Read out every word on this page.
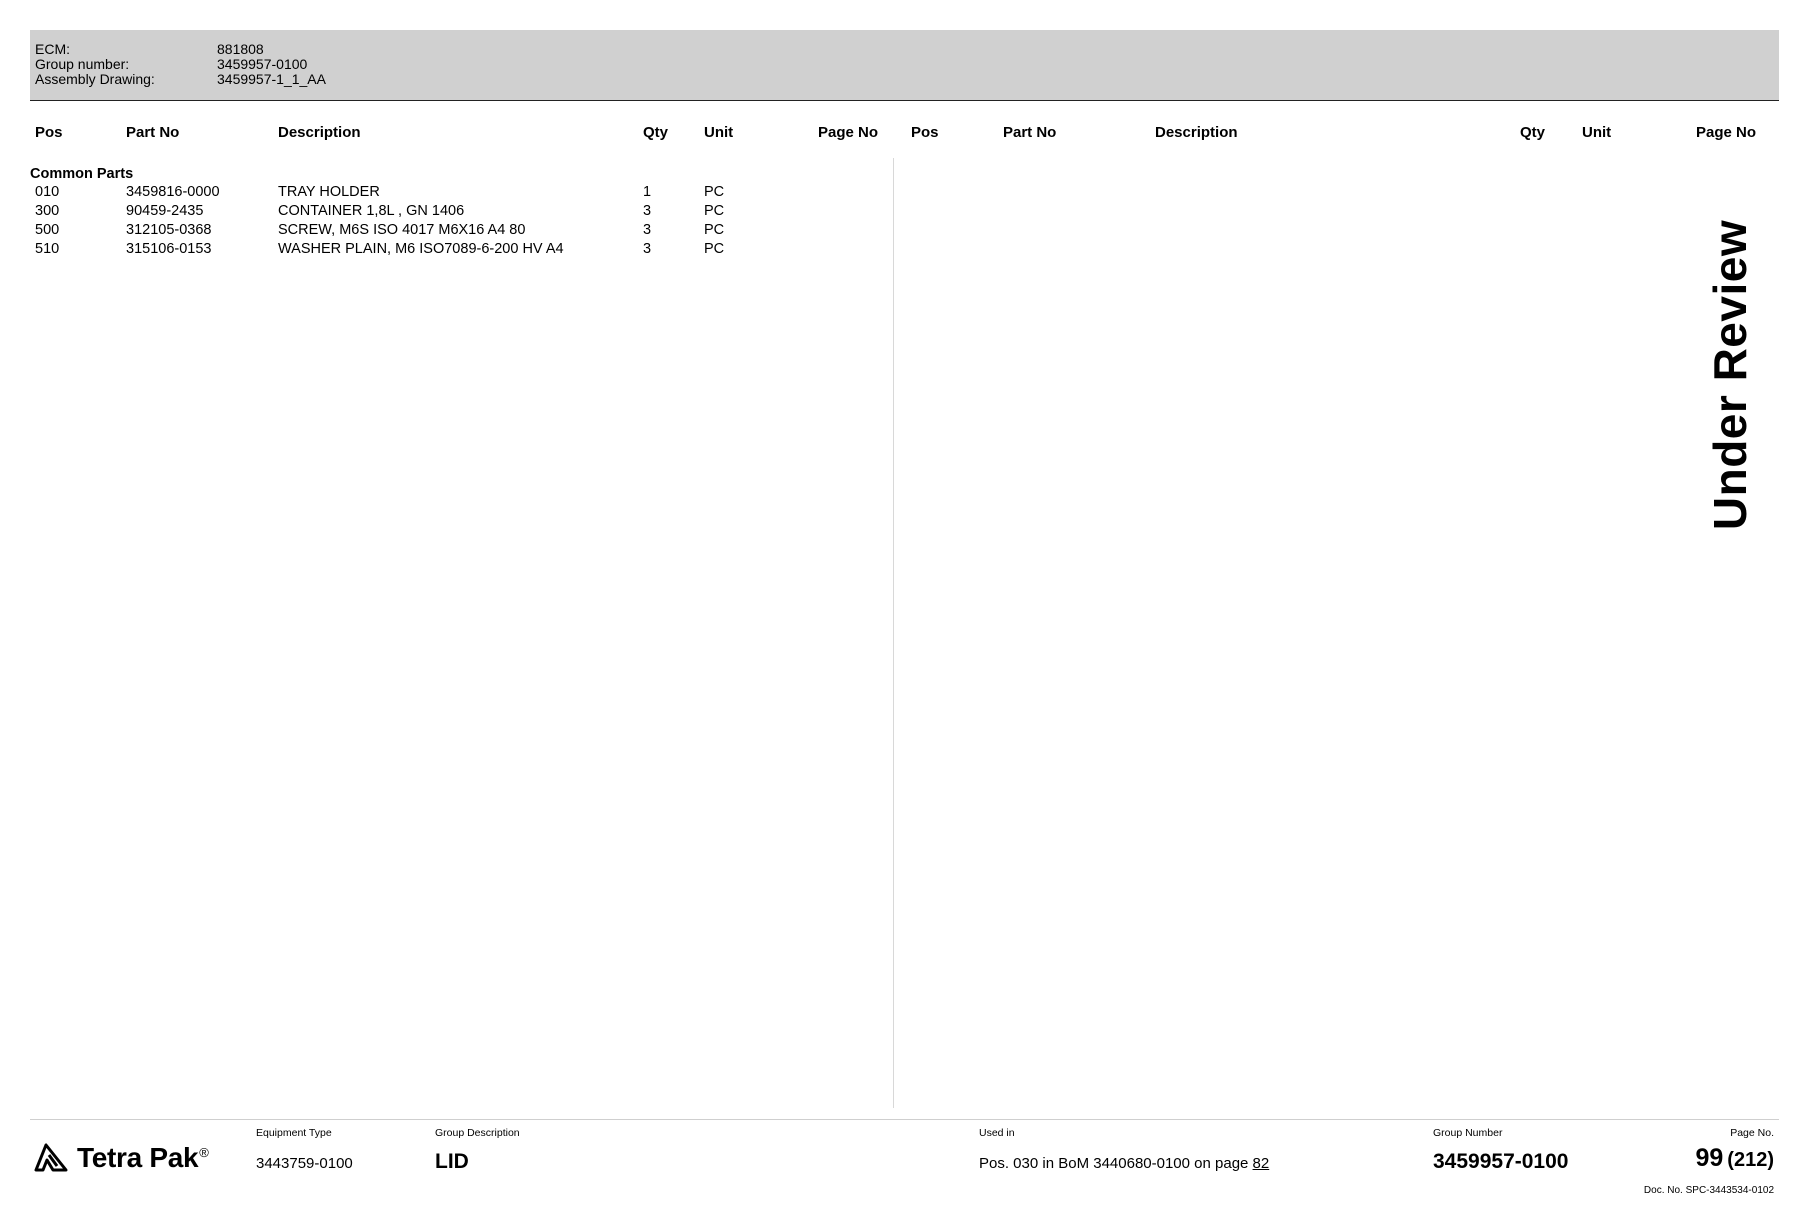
ECM:	881808
Group number:	3459957-0100
Assembly Drawing:	3459957-1_1_AA
Pos	Part No	Description	Qty Unit	Page No Pos	Part No	Description	Qty Unit	Page No
Common Parts
010	3459816-0000	TRAY HOLDER	1	PC
300	90459-2435	CONTAINER 1,8L , GN 1406	3	PC
500	312105-0368	SCREW, M6S ISO 4017 M6X16 A4 80	3	PC
510	315106-0153	WASHER PLAIN, M6 ISO7089-6-200 HV A4	3	PC	Under Review
Tetra Pak®
Equipment Type
3443759-0100
Group Description
LID
Used in
Pos. 030 in BoM 3440680-0100 on page 82
Group Number
3459957-0100
Page No.
99 (212)
Doc. No. SPC-3443534-0102
